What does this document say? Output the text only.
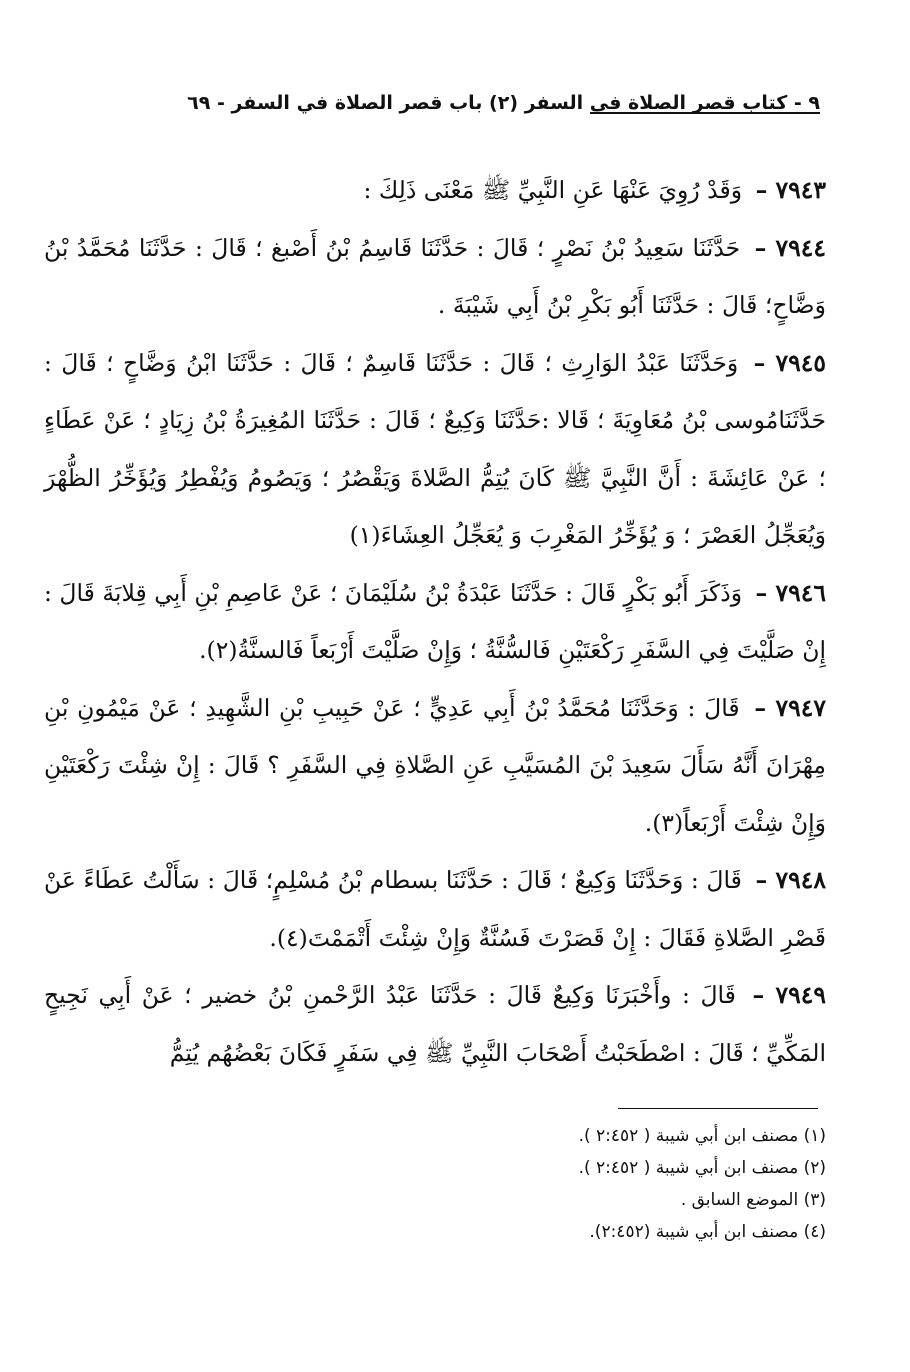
٩ - كتاب قصر الصلاة في السفر (٢) باب قصر الصلاة في السفر - ٦٩

٧٩٤٣ – وَقَدْ رُوِيَ عَنْهَا عَنِ النَّبِيِّ ﷺ مَعْنَى ذَلِكَ :

٧٩٤٤ – حَدَّثَنَا سَعِيدُ بْنُ نَصْرٍ ؛ قَالَ : حَدَّثَنَا قَاسِمُ بْنُ أَصْبغ ؛ قَالَ : حَدَّثَنَا مُحَمَّدُ بْنُ وَضَّاحٍ؛ قَالَ : حَدَّثَنَا أَبُو بَكْرِ بْنُ أَبِي شَيْبَةَ .

٧٩٤٥ – وَحَدَّثَنَا عَبْدُ الوَارِثِ ؛ قَالَ : حَدَّثَنَا قَاسِمٌ ؛ قَالَ : حَدَّثَنَا ابْنُ وَضَّاحٍ ؛ قَالَ : حَدَّثَنَامُوسى بْنُ مُعَاوِيَةَ ؛ قَالا :حَدَّثَنَا وَكِيعٌ ؛ قَالَ : حَدَّثَنَا المُغِيرَةُ بْنُ زِيَادٍ ؛ عَنْ عَطَاءٍ ؛ عَنْ عَائِشَةَ : أَنَّ النَّبِيَّ ﷺ كَانَ يُتِمُّ الصَّلاةَ وَيَقْصُرُ ؛ وَيَصُومُ وَيُفْطِرُ وَيُؤَخِّرُ الظُّهْرَ وَيُعَجِّلُ العَصْرَ ؛ وَ يُؤَخِّرُ المَغْرِبَ وَ يُعَجِّلُ العِشَاءَ(١)

٧٩٤٦ – وَذَكَرَ أَبُو بَكْرٍ قَالَ : حَدَّثَنَا عَبْدَةُ بْنُ سُلَيْمَانَ ؛ عَنْ عَاصِمِ بْنِ أَبِي قِلابَةَ قَالَ : إِنْ صَلَّيْتَ فِي السَّفَرِ رَكْعَتَيْنِ فَالسُّنَّةُ ؛ وَإِنْ صَلَّيْتَ أَرْبَعاً فَالسنَّةُ(٢).

٧٩٤٧ – قَالَ : وَحَدَّثَنَا مُحَمَّدُ بْنُ أَبِي عَدِيٍّ ؛ عَنْ حَبِيبِ بْنِ الشَّهِيدِ ؛ عَنْ مَيْمُونِ بْنِ مِهْرَانَ أَنَّهُ سَأَلَ سَعِيدَ بْنَ المُسَيَّبِ عَنِ الصَّلاةِ فِي السَّفَرِ ؟ قَالَ : إِنْ شِئْتَ رَكْعَتَيْنِ وَإِنْ شِئْتَ أَرْبَعاً(٣).

٧٩٤٨ – قَالَ : وَحَدَّثَنَا وَكِيعٌ ؛ قَالَ : حَدَّثَنَا بسطام بْنُ مُسْلِمٍ؛ قَالَ : سَأَلْتُ عَطَاءً عَنْ قَصْرِ الصَّلاةِ فَقَالَ : إِنْ قَصَرْتَ فَسُنَّةٌ وَإِنْ شِئْتَ أَتْمَمْتَ(٤).

٧٩٤٩ – قَالَ : وأَخْبَرَنَا وَكِيعٌ قَالَ : حَدَّثَنَا عَبْدُ الرَّحْمنِ بْنُ خضير ؛ عَنْ أَبِي نَجِيحٍ المَكِّيِّ ؛ قَالَ : اصْطَحَبْتُ أَصْحَابَ النَّبِيِّ ﷺ فِي سَفَرٍ فَكَانَ بَعْضُهُم يُتِمُّ

(١) مصنف ابن أبي شيبة ( ٢:٤٥٢ ).

(٢) مصنف ابن أبي شيبة ( ٢:٤٥٢ ).

(٣) الموضع السابق .

(٤) مصنف ابن أبي شيبة (٢:٤٥٢).
